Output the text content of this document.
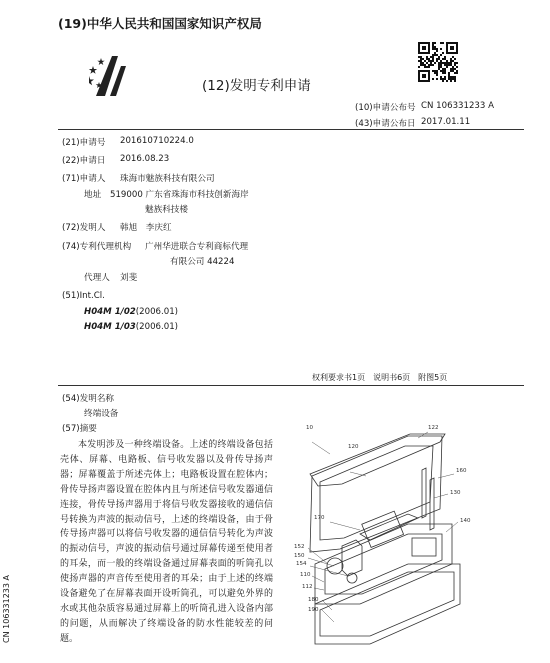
(19)中华人民共和国国家知识产权局
(12)发明专利申请
(10)申请公布号 CN 106331233 A
(43)申请公布日 2017.01.11
(21)申请号 201610710224.0
(22)申请日 2016.08.23
(71)申请人 珠海市魅族科技有限公司
地址 519000 广东省珠海市科技创新海岸
魅族科技楼
(72)发明人 韩旭　李庆红
(74)专利代理机构 广州华进联合专利商标代理
有限公司 44224
代理人 刘斐
(51)Int.Cl.
H04M 1/02(2006.01)
H04M 1/03(2006.01)
权利要求书1页　说明书6页　附图5页
(54)发明名称
终端设备
(57)摘要
本发明涉及一种终端设备。上述的终端设备包括壳体、屏幕、电路板、信号收发器以及骨传导扬声器；屏幕覆盖于所述壳体上；电路板设置在腔体内；骨传导扬声器设置在腔体内且与所述信号收发器通信连接，骨传导扬声器用于将信号收发器接收的通信信号转换为声波的振动信号，上述的终端设备，由于骨传导扬声器可以将信号收发器的通信信号转化为声波的振动信号，声波的振动信号通过屏幕传递至使用者的耳朵，而一般的终端设备通过屏幕表面的听筒孔以使扬声器的声音传至使用者的耳朵；由于上述的终端设备避免了在屏幕表面开设听筒孔，可以避免外界的水或其他杂质容易通过屏幕上的听筒孔进入设备内部的问题，从而解决了终端设备的防水性能较差的问题。
CN 106331233 A
10
120
122
160
130
170	140
152
150
154
110
112
180
190
